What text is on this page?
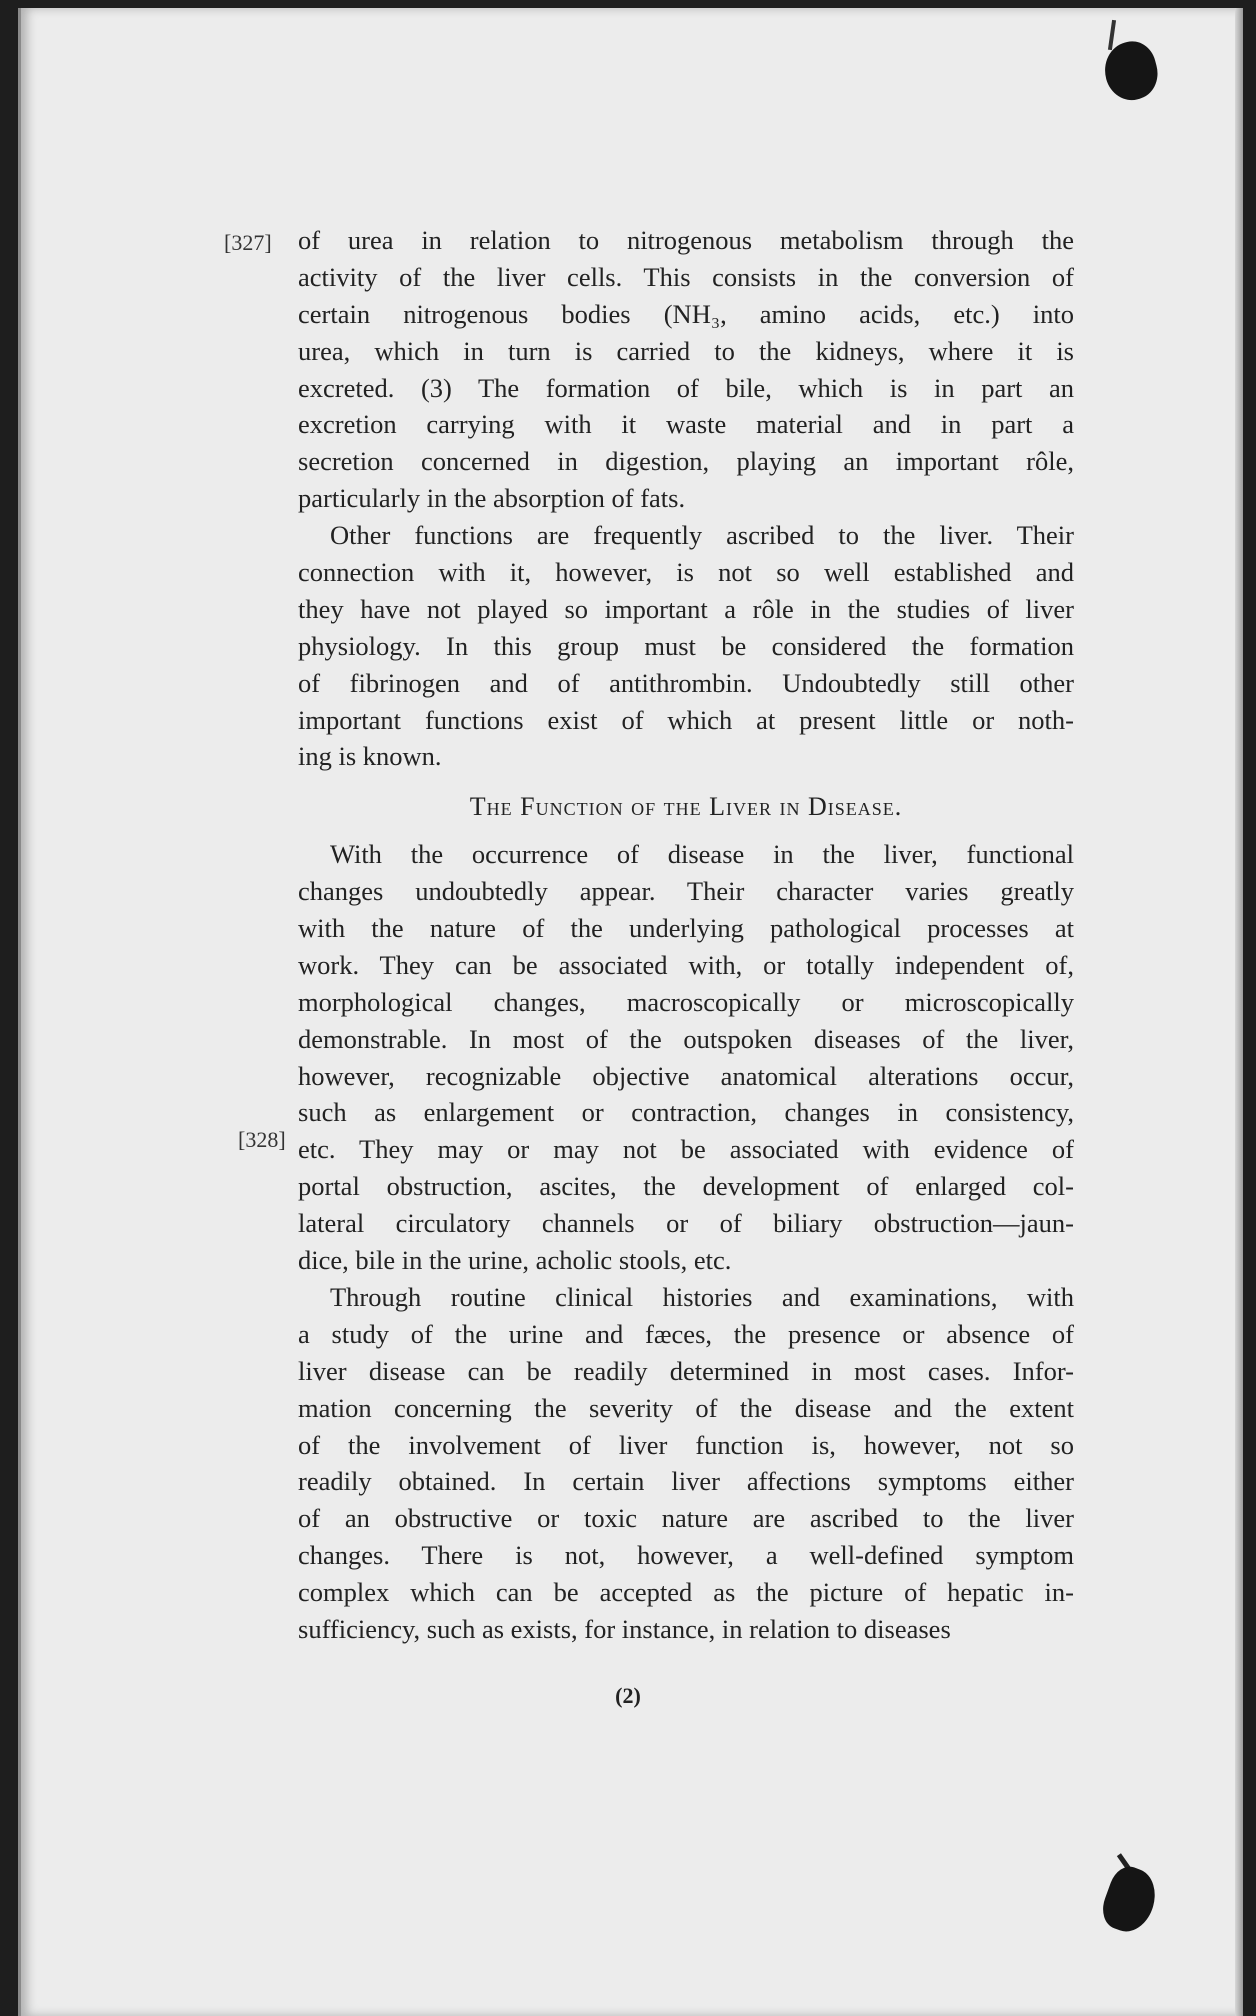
[327]
[328]
of urea in relation to nitrogenous metabolism through the
activity of the liver cells. This consists in the conversion of
certain nitrogenous bodies (NH₃, amino acids, etc.) into
urea, which in turn is carried to the kidneys, where it is
excreted. (3) The formation of bile, which is in part an
excretion carrying with it waste material and in part a
secretion concerned in digestion, playing an important rôle,
particularly in the absorption of fats.
Other functions are frequently ascribed to the liver. Their
connection with it, however, is not so well established and
they have not played so important a rôle in the studies of liver
physiology. In this group must be considered the formation
of fibrinogen and of antithrombin. Undoubtedly still other
important functions exist of which at present little or noth-
ing is known.
The Function of the Liver in Disease.
With the occurrence of disease in the liver, functional
changes undoubtedly appear. Their character varies greatly
with the nature of the underlying pathological processes at
work. They can be associated with, or totally independent of,
morphological changes, macroscopically or microscopically
demonstrable. In most of the outspoken diseases of the liver,
however, recognizable objective anatomical alterations occur,
such as enlargement or contraction, changes in consistency,
etc. They may or may not be associated with evidence of
portal obstruction, ascites, the development of enlarged col-
lateral circulatory channels or of biliary obstruction—jaun-
dice, bile in the urine, acholic stools, etc.
Through routine clinical histories and examinations, with
a study of the urine and fæces, the presence or absence of
liver disease can be readily determined in most cases. Infor-
mation concerning the severity of the disease and the extent
of the involvement of liver function is, however, not so
readily obtained. In certain liver affections symptoms either
of an obstructive or toxic nature are ascribed to the liver
changes. There is not, however, a well-defined symptom
complex which can be accepted as the picture of hepatic in-
sufficiency, such as exists, for instance, in relation to diseases
(2)
